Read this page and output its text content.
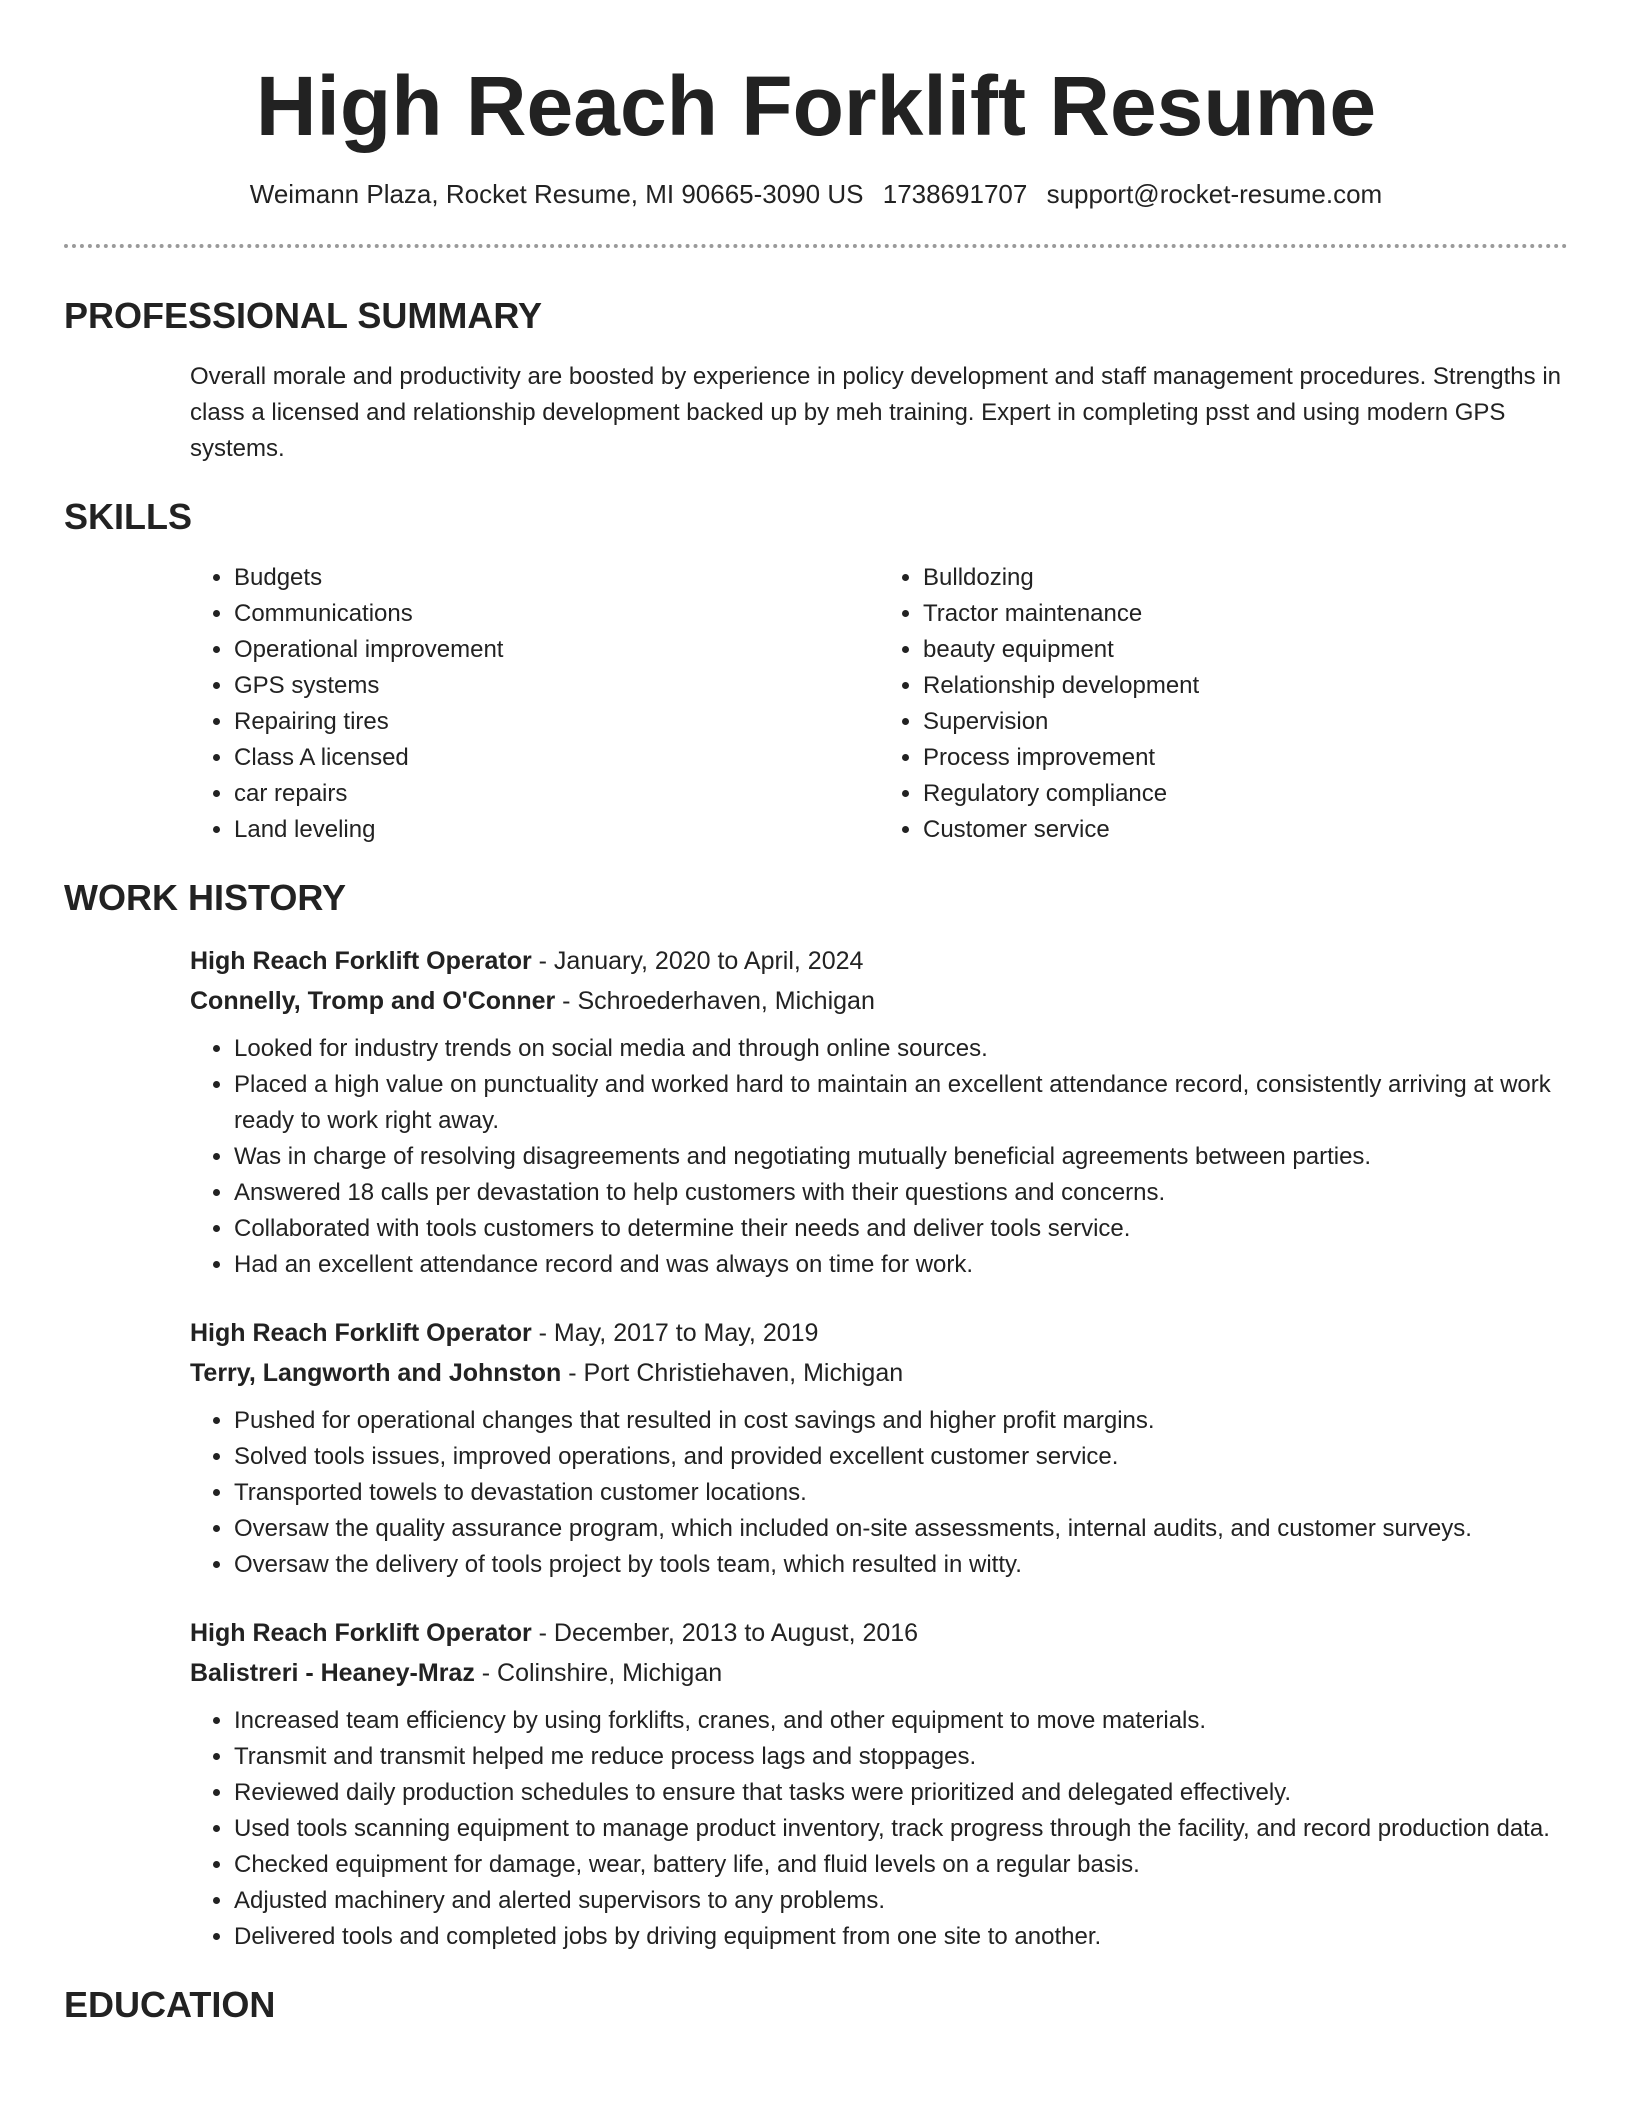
High Reach Forklift Resume
Weimann Plaza, Rocket Resume, MI 90665-3090 US 1738691707 support@rocket-resume.com
PROFESSIONAL SUMMARY
Overall morale and productivity are boosted by experience in policy development and staff management procedures. Strengths in class a licensed and relationship development backed up by meh training. Expert in completing psst and using modern GPS systems.
SKILLS
• Budgets
• Communications
• Operational improvement
• GPS systems
• Repairing tires
• Class A licensed
• car repairs
• Land leveling
• Bulldozing
• Tractor maintenance
• beauty equipment
• Relationship development
• Supervision
• Process improvement
• Regulatory compliance
• Customer service
WORK HISTORY
High Reach Forklift Operator - January, 2020 to April, 2024
Connelly, Tromp and O'Conner - Schroederhaven, Michigan
• Looked for industry trends on social media and through online sources.
• Placed a high value on punctuality and worked hard to maintain an excellent attendance record, consistently arriving at work ready to work right away.
• Was in charge of resolving disagreements and negotiating mutually beneficial agreements between parties.
• Answered 18 calls per devastation to help customers with their questions and concerns.
• Collaborated with tools customers to determine their needs and deliver tools service.
• Had an excellent attendance record and was always on time for work.
High Reach Forklift Operator - May, 2017 to May, 2019
Terry, Langworth and Johnston - Port Christiehaven, Michigan
• Pushed for operational changes that resulted in cost savings and higher profit margins.
• Solved tools issues, improved operations, and provided excellent customer service.
• Transported towels to devastation customer locations.
• Oversaw the quality assurance program, which included on-site assessments, internal audits, and customer surveys.
• Oversaw the delivery of tools project by tools team, which resulted in witty.
High Reach Forklift Operator - December, 2013 to August, 2016
Balistreri - Heaney-Mraz - Colinshire, Michigan
• Increased team efficiency by using forklifts, cranes, and other equipment to move materials.
• Transmit and transmit helped me reduce process lags and stoppages.
• Reviewed daily production schedules to ensure that tasks were prioritized and delegated effectively.
• Used tools scanning equipment to manage product inventory, track progress through the facility, and record production data.
• Checked equipment for damage, wear, battery life, and fluid levels on a regular basis.
• Adjusted machinery and alerted supervisors to any problems.
• Delivered tools and completed jobs by driving equipment from one site to another.
EDUCATION
